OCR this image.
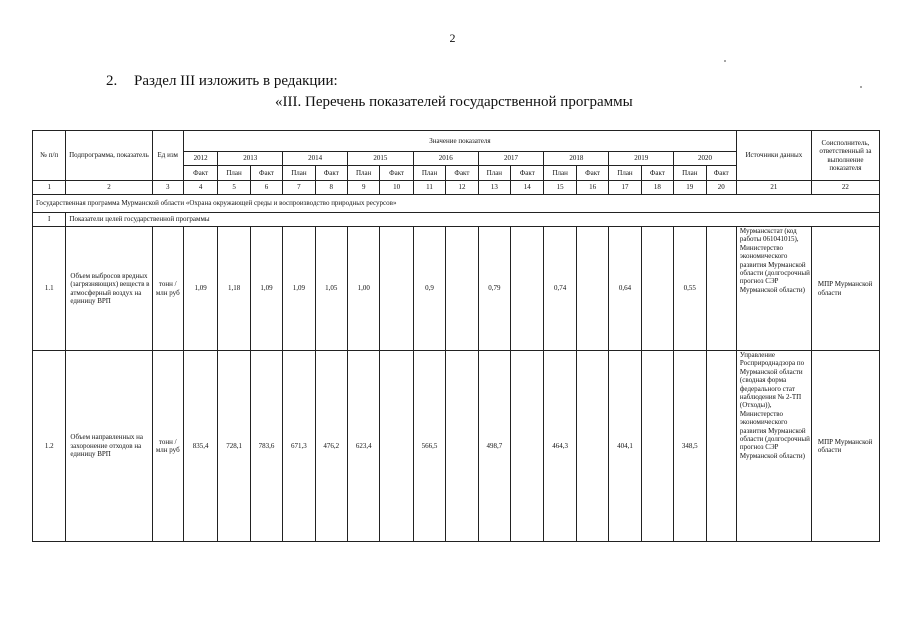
2
2. Раздел III изложить в редакции:
«III. Перечень показателей государственной программы
№ п/п	Подпрограмма, показатель	Ед изм	Значение показателя																	Источники данных	Соисполнитель, ответственный за выполнение показателя
			2012	2013		2014		2015		2016		2017		2018		2019		2020			
			Факт	План	Факт	План	Факт	План	Факт	План	Факт	План	Факт	План	Факт	План	Факт	План	Факт		
1	2	3	4	5	6	7	8	9	10	11	12	13	14	15	16	17	18	19	20	21	22
Государственная программа Мурманской области «Охрана окружающей среды и воспроизводство природных ресурсов»																					
I	Показатели целей государственной программы																				
1.1	Объем выбросов вредных (загрязняющих) веществ в атмосферный воздух на единицу ВРП	тонн / млн руб	1,09	1,18	1,09	1,09	1,05	1,00		0,9		0,79		0,74		0,64		0,55		Мурманскстат (код работы 061041015), Министерство экономического развития Мурманской области (долгосрочный прогноз СЭР Мурманской области)	МПР Мурманской области
1.2	Объем направленных на захоронение отходов на единицу ВРП	тонн / млн руб	835,4	728,1	783,6	671,3	476,2	623,4		566,5		498,7		464,3		404,1		348,5		Управление Росприроднадзора по Мурманской области (сводная форма федерального стат наблюдения № 2-ТП (Отходы)), Министерство экономического развития Мурманской области (долгосрочный прогноз СЭР Мурманской области)	МПР Мурманской области
